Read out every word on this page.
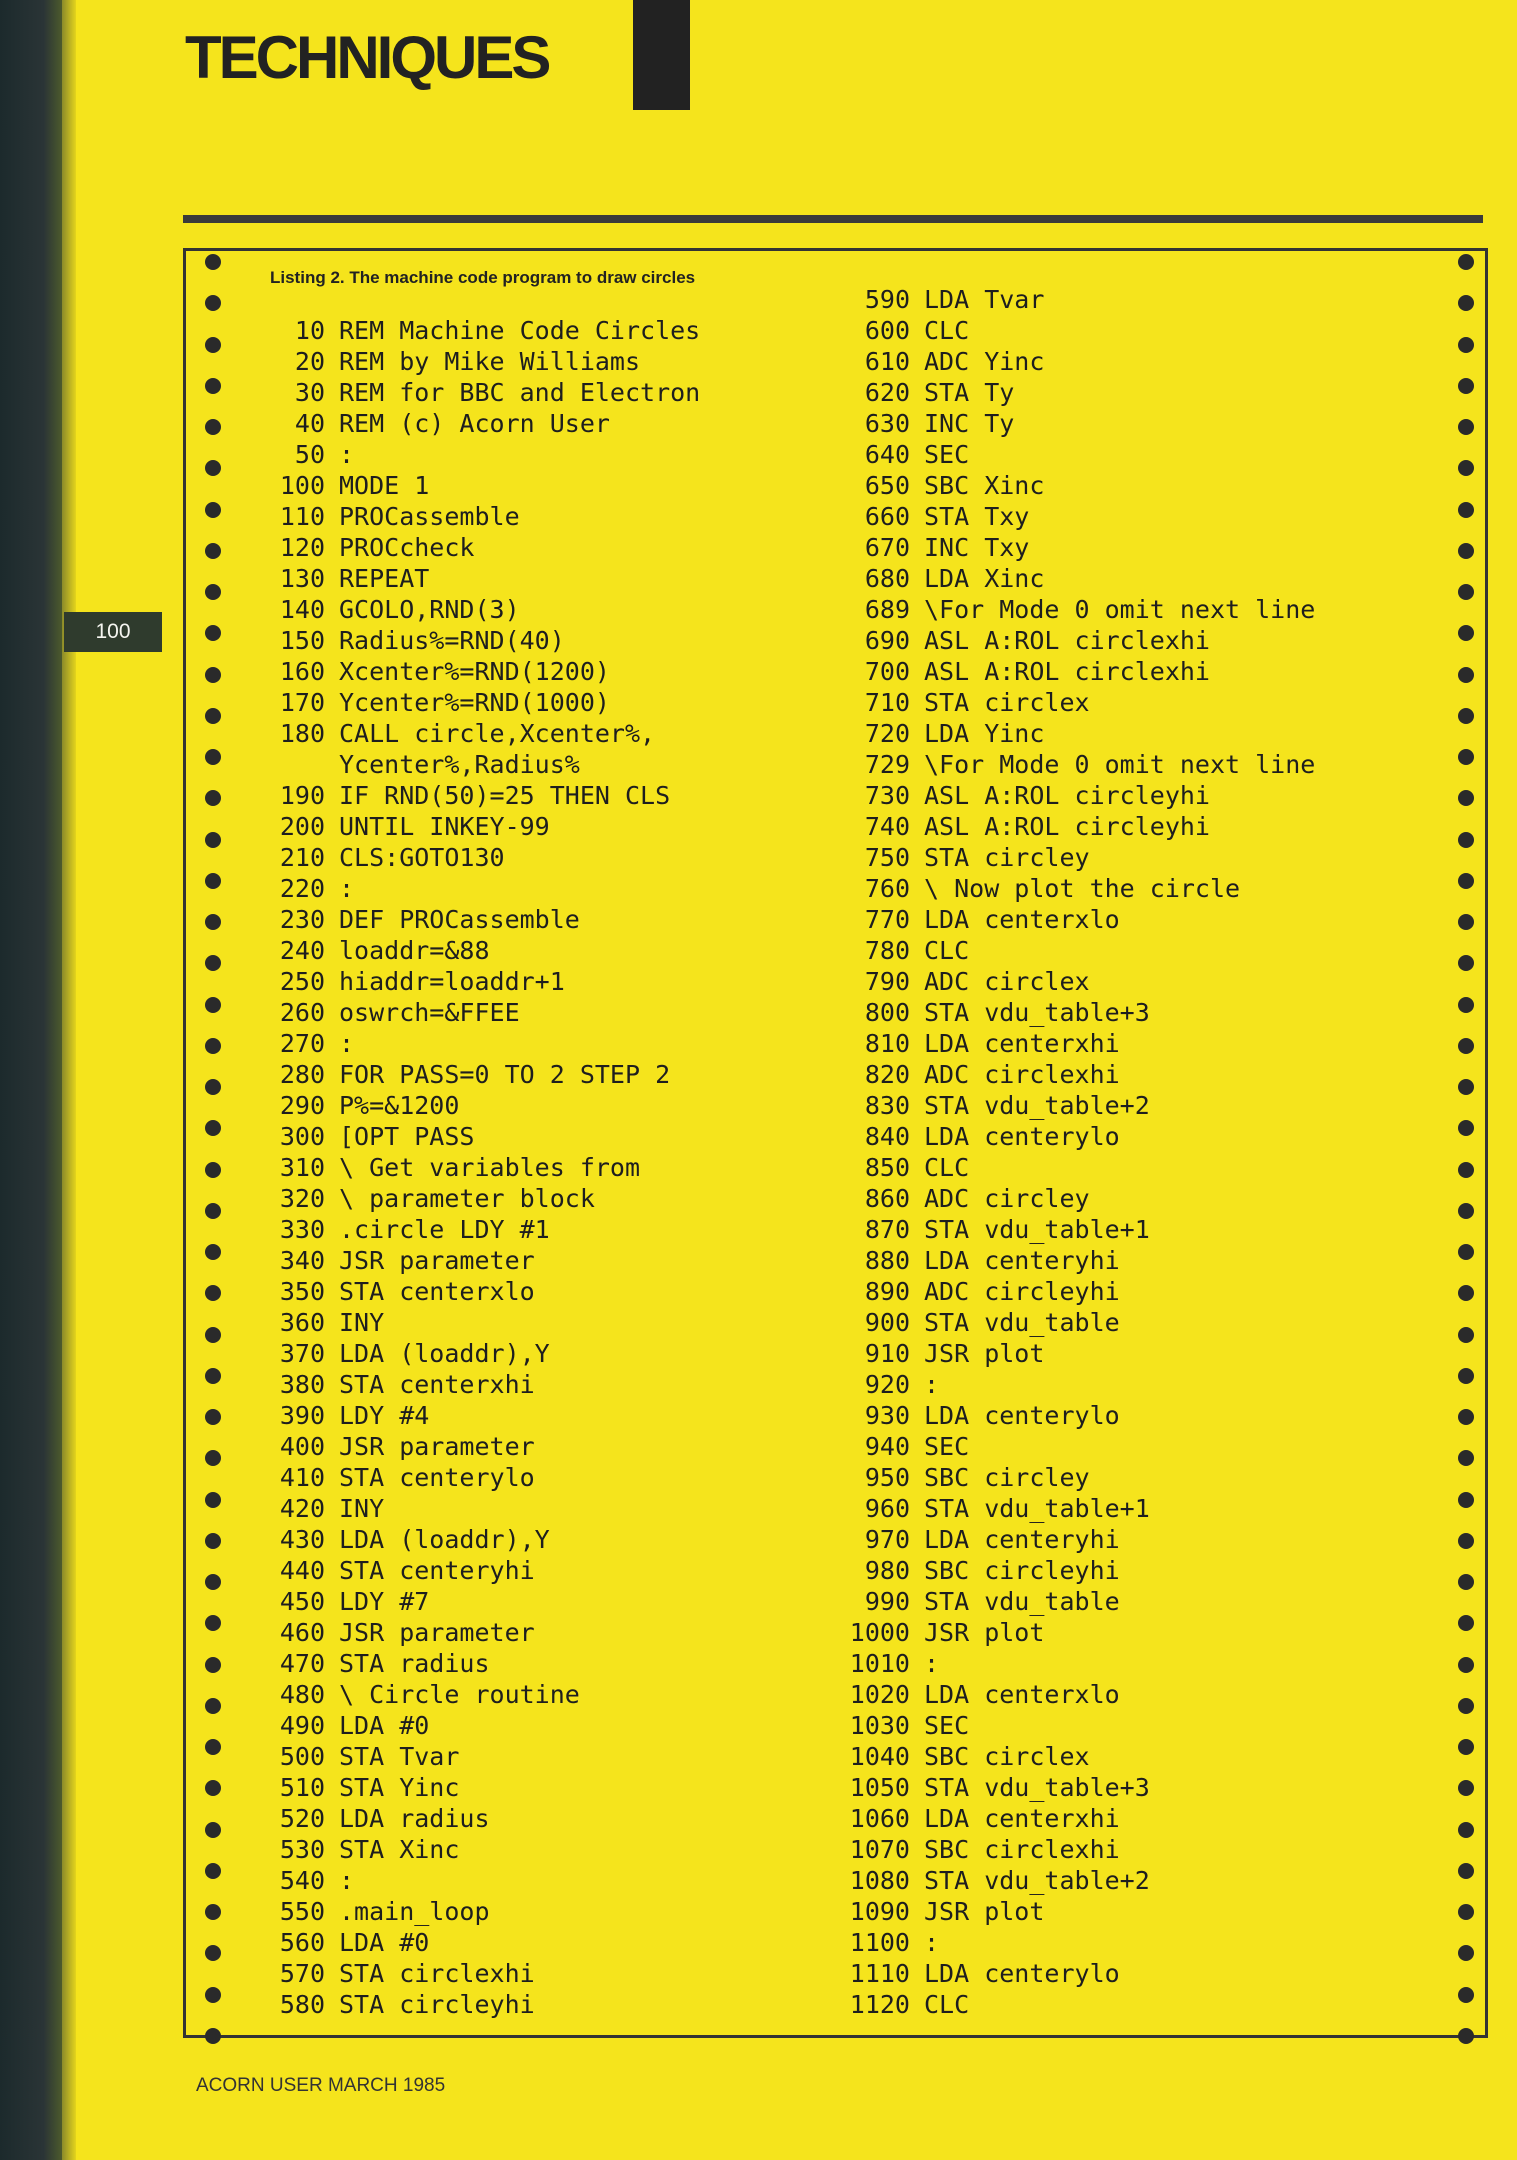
TECHNIQUES
100

Listing 2. The machine code program to draw circles

10 REM Machine Code Circles
20 REM by Mike Williams
30 REM for BBC and Electron
40 REM (c) Acorn User
50 :
100 MODE 1
110 PROCassemble
120 PROCcheck
130 REPEAT
140 GCOLO,RND(3)
150 Radius%=RND(40)
160 Xcenter%=RND(1200)
170 Ycenter%=RND(1000)
180 CALL circle,Xcenter%,
Ycenter%,Radius%
190 IF RND(50)=25 THEN CLS
200 UNTIL INKEY-99
210 CLS:GOTO130
220 :
230 DEF PROCassemble
240 loaddr=&88
250 hiaddr=loaddr+1
260 oswrch=&FFEE
270 :
280 FOR PASS=0 TO 2 STEP 2
290 P%=&1200
300 [OPT PASS
310 \ Get variables from
320 \ parameter block
330 .circle LDY #1
340 JSR parameter
350 STA centerxlo
360 INY
370 LDA (loaddr),Y
380 STA centerxhi
390 LDY #4
400 JSR parameter
410 STA centerylo
420 INY
430 LDA (loaddr),Y
440 STA centeryhi
450 LDY #7
460 JSR parameter
470 STA radius
480 \ Circle routine
490 LDA #0
500 STA Tvar
510 STA Yinc
520 LDA radius
530 STA Xinc
540 :
550 .main_loop
560 LDA #0
570 STA circlexhi
580 STA circleyhi
590 LDA Tvar
600 CLC
610 ADC Yinc
620 STA Ty
630 INC Ty
640 SEC
650 SBC Xinc
660 STA Txy
670 INC Txy
680 LDA Xinc
689 \For Mode 0 omit next line
690 ASL A:ROL circlexhi
700 ASL A:ROL circlexhi
710 STA circlex
720 LDA Yinc
729 \For Mode 0 omit next line
730 ASL A:ROL circleyhi
740 ASL A:ROL circleyhi
750 STA circley
760 \ Now plot the circle
770 LDA centerxlo
780 CLC
790 ADC circlex
800 STA vdu_table+3
810 LDA centerxhi
820 ADC circlexhi
830 STA vdu_table+2
840 LDA centerylo
850 CLC
860 ADC circley
870 STA vdu_table+1
880 LDA centeryhi
890 ADC circleyhi
900 STA vdu_table
910 JSR plot
920 :
930 LDA centerylo
940 SEC
950 SBC circley
960 STA vdu_table+1
970 LDA centeryhi
980 SBC circleyhi
990 STA vdu_table
1000 JSR plot
1010 :
1020 LDA centerxlo
1030 SEC
1040 SBC circlex
1050 STA vdu_table+3
1060 LDA centerxhi
1070 SBC circlexhi
1080 STA vdu_table+2
1090 JSR plot
1100 :
1110 LDA centerylo
1120 CLC

ACORN USER MARCH 1985
